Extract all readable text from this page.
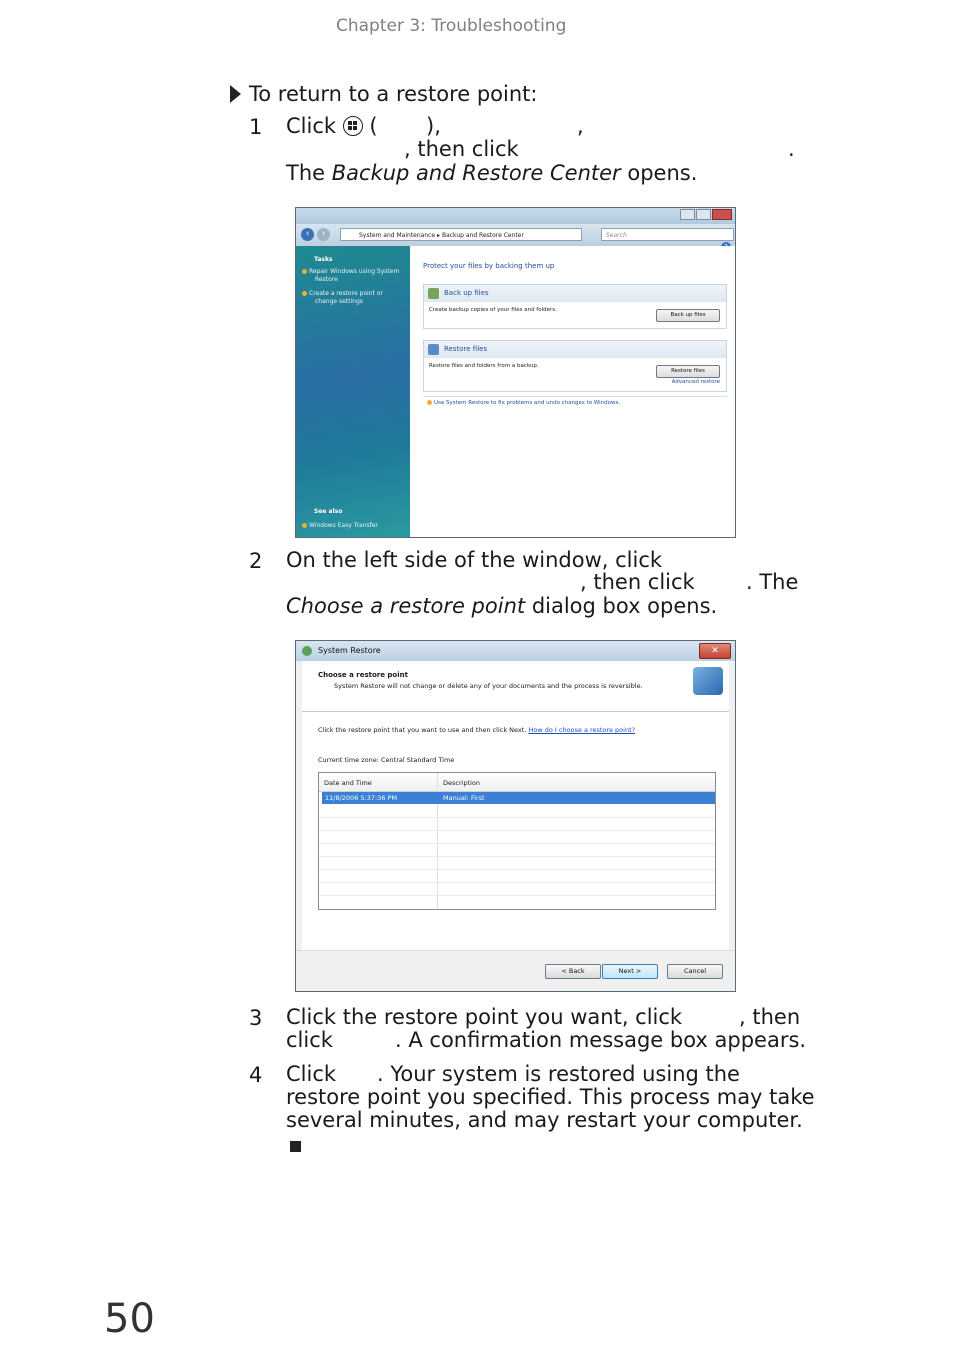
Chapter 3: Troubleshooting
To return to a restore point:
1 Click ( ),	,
, then click	.
The Backup and Restore Center opens.
‹	›	System and Maintenance ▸ Backup and Restore Center	Search
Tasks
Repair Windows using System
Restore
Create a restore point or
change settings
See also
Windows Easy Transfer
Protect your files by backing them up
Back up files
Create backup copies of your files and folders.
Back up files
Restore files
Restore files and folders from a backup.
Restore files
Advanced restore
Use System Restore to fix problems and undo changes to Windows.
2 On the left side of the window, click
, then click . The
Choose a restore point dialog box opens.
System Restore	✕
Choose a restore point
System Restore will not change or delete any of your documents and the process is reversible.
Click the restore point that you want to use and then click Next. How do I choose a restore point?
Current time zone: Central Standard Time
Date and Time	Description
11/8/2006 5:37:36 PM	Manual: First
< Back	Next >	Cancel
3 Click the restore point you want, click	, then
click	. A confirmation message box appears.
4 Click . Your system is restored using the
restore point you specified. This process may take
several minutes, and may restart your computer.
50
